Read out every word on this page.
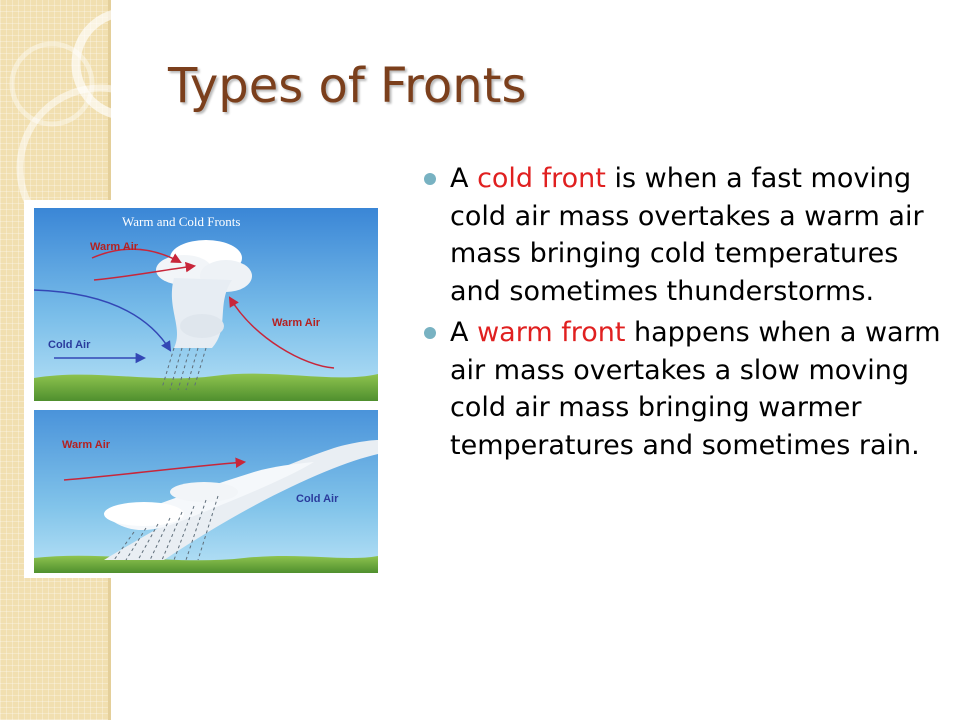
Types of Fronts
Warm and Cold Fronts
Warm Air
Warm Air
Cold Air
Warm Air
Cold Air
A cold front is when a fast moving cold air mass overtakes a warm air mass bringing cold temperatures and sometimes thunderstorms.
A warm front happens when a warm air mass overtakes a slow moving cold air mass bringing warmer temperatures and sometimes rain.
